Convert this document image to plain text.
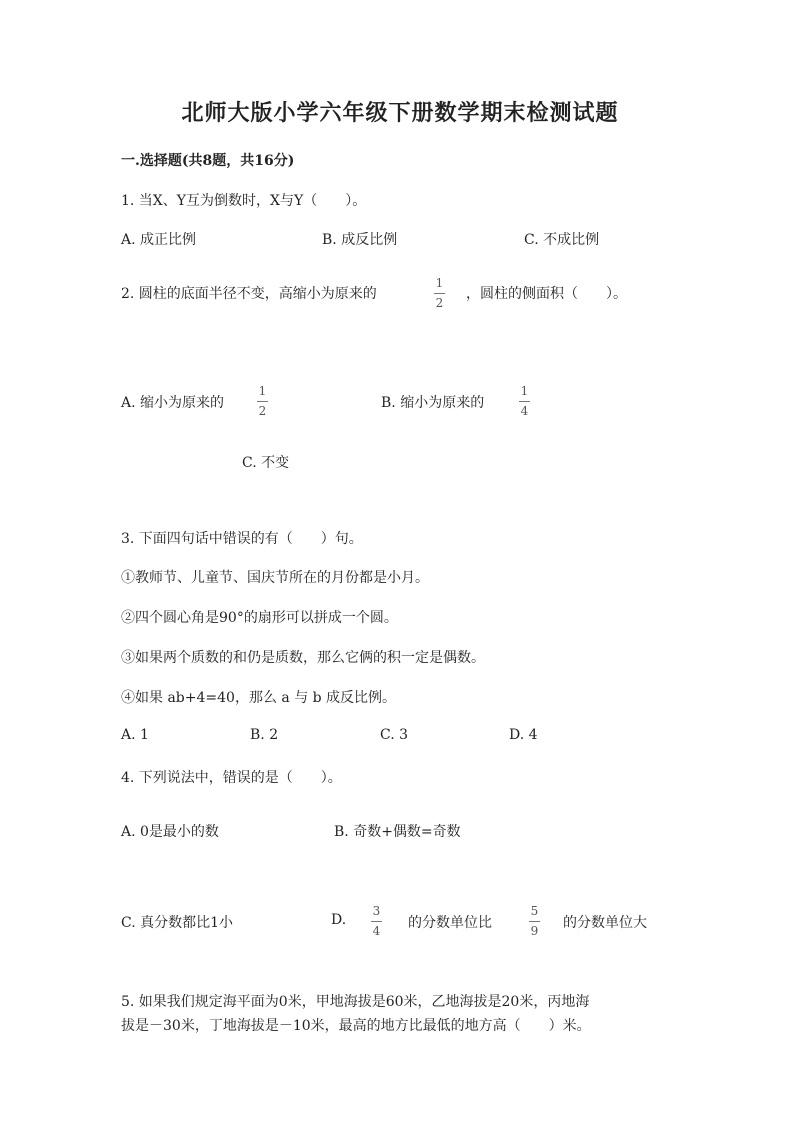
北师大版小学六年级下册数学期末检测试题
一.选择题(共8题，共16分)
1. 当X、Y互为倒数时，X与Y（　　）。
A. 成正比例	B. 成反比例	C. 不成比例
2. 圆柱的底面半径不变，高缩小为原来的
1
2
，圆柱的侧面积（　　）。
A. 缩小为原来的
1
2	B. 缩小为原来的
1
4
C. 不变
3. 下面四句话中错误的有（　　）句。
①教师节、儿童节、国庆节所在的月份都是小月。
②四个圆心角是90°的扇形可以拼成一个圆。
③如果两个质数的和仍是质数，那么它俩的积一定是偶数。
④如果 ab+4=40，那么 a 与 b 成反比例。
A. 1	B. 2	C. 3	D. 4
4. 下列说法中，错误的是（　　）。
A. 0是最小的数	B. 奇数+偶数=奇数
C. 真分数都比1小	D.
3
4 的分数单位比
5
9 的分数单位大
5. 如果我们规定海平面为0米，甲地海拔是60米，乙地海拔是20米，丙地海
拔是－30米，丁地海拔是－10米，最高的地方比最低的地方高（　　）米。
